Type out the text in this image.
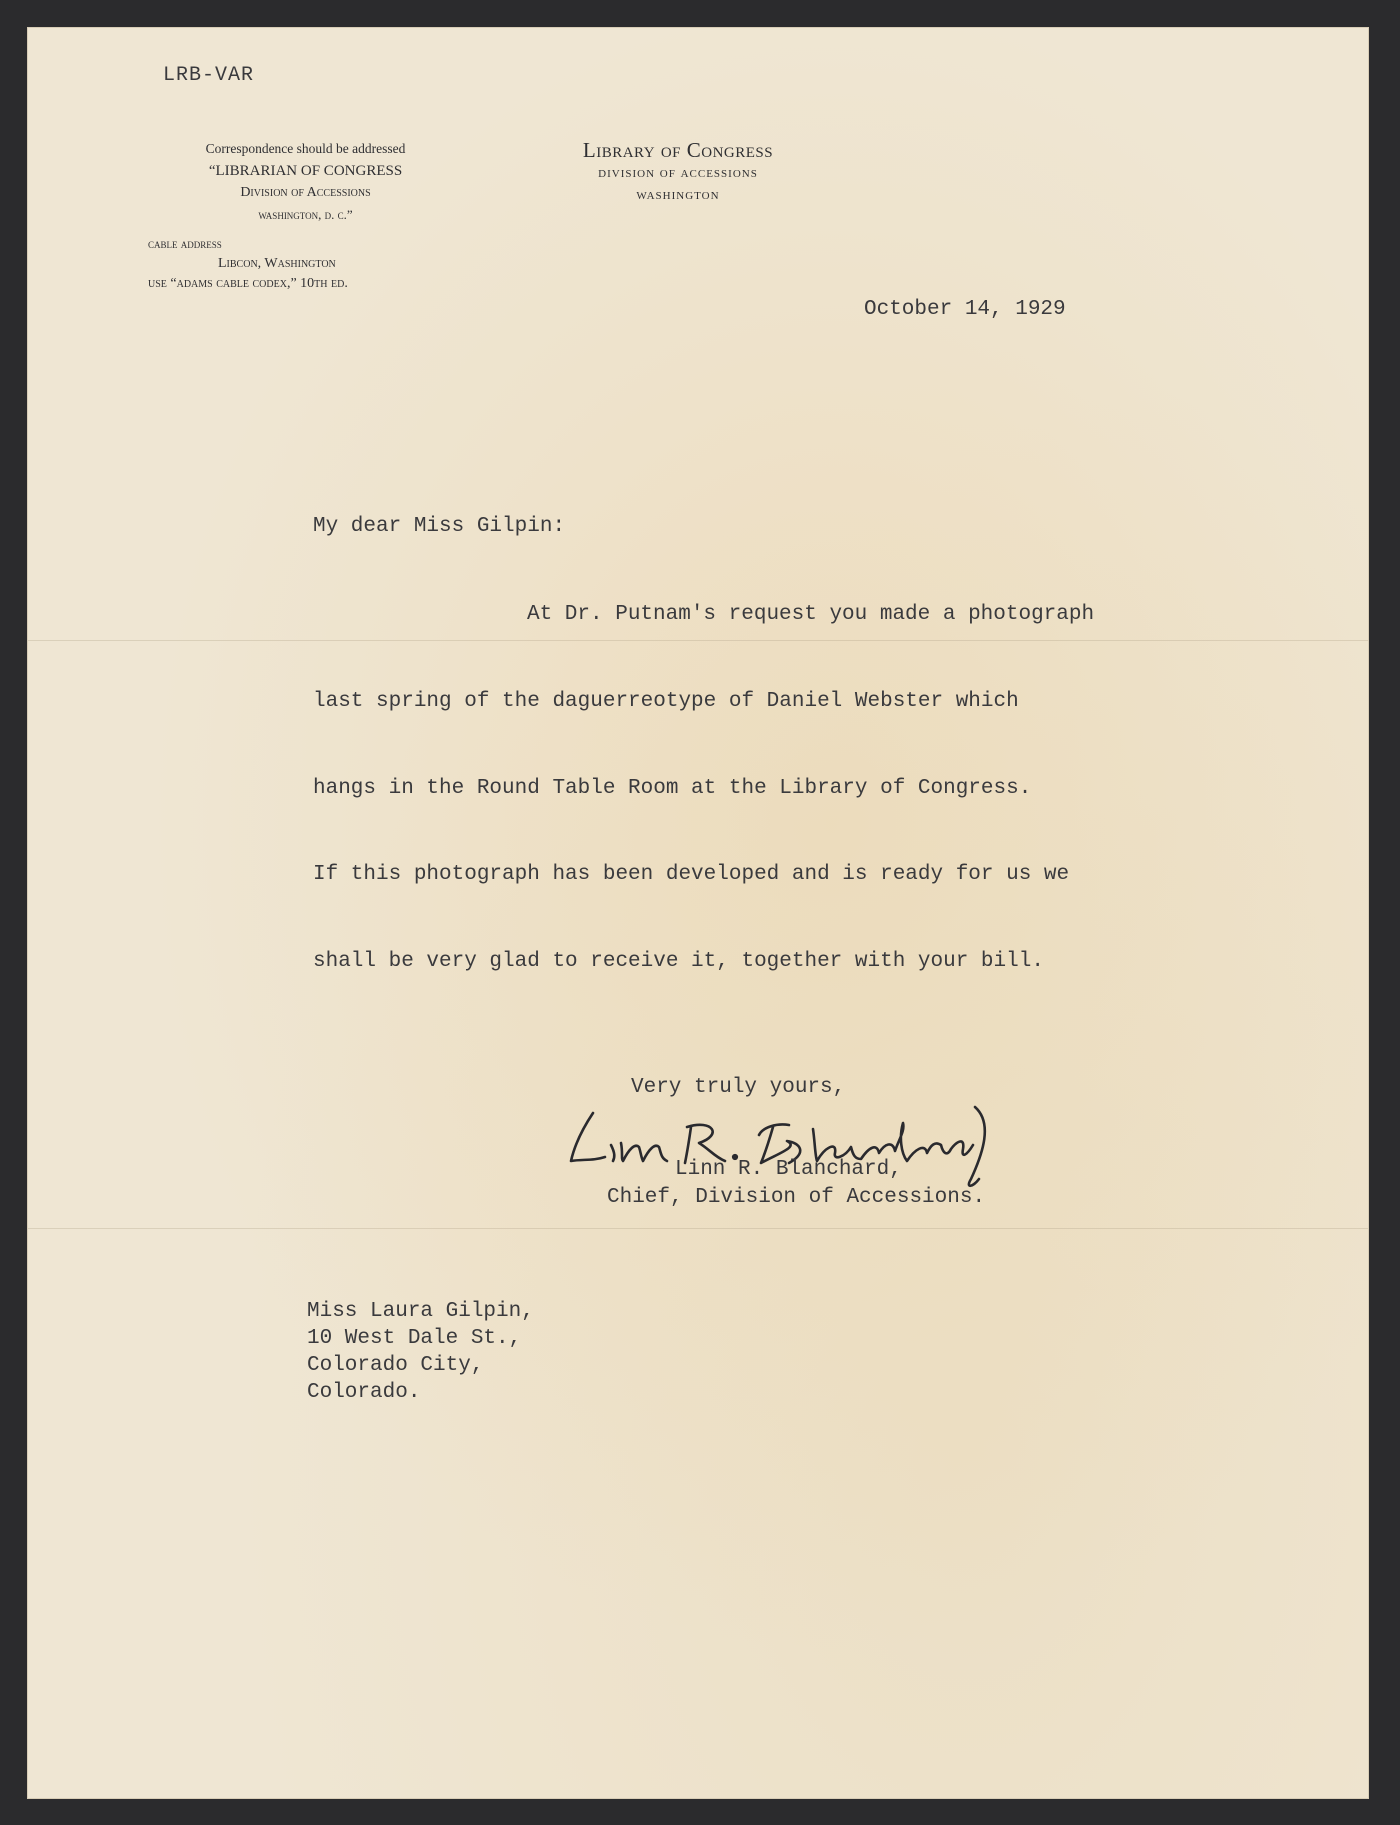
LRB-VAR
Correspondence should be addressed
“LIBRARIAN OF CONGRESS
Division of Accessions
washington, d. c.”
cable address
Libcon, Washington
use “adams cable codex,” 10th ed.
Library of Congress
division of accessions
washington
October 14, 1929
My dear Miss Gilpin:
At Dr. Putnam's request you made a photograph
last spring of the daguerreotype of Daniel Webster which
hangs in the Round Table Room at the Library of Congress.
If this photograph has been developed and is ready for us we
shall be very glad to receive it, together with your bill.
Very truly yours,
Linn R. Blanchard,
Chief, Division of Accessions.
Miss Laura Gilpin,
10 West Dale St.,
Colorado City,
Colorado.
